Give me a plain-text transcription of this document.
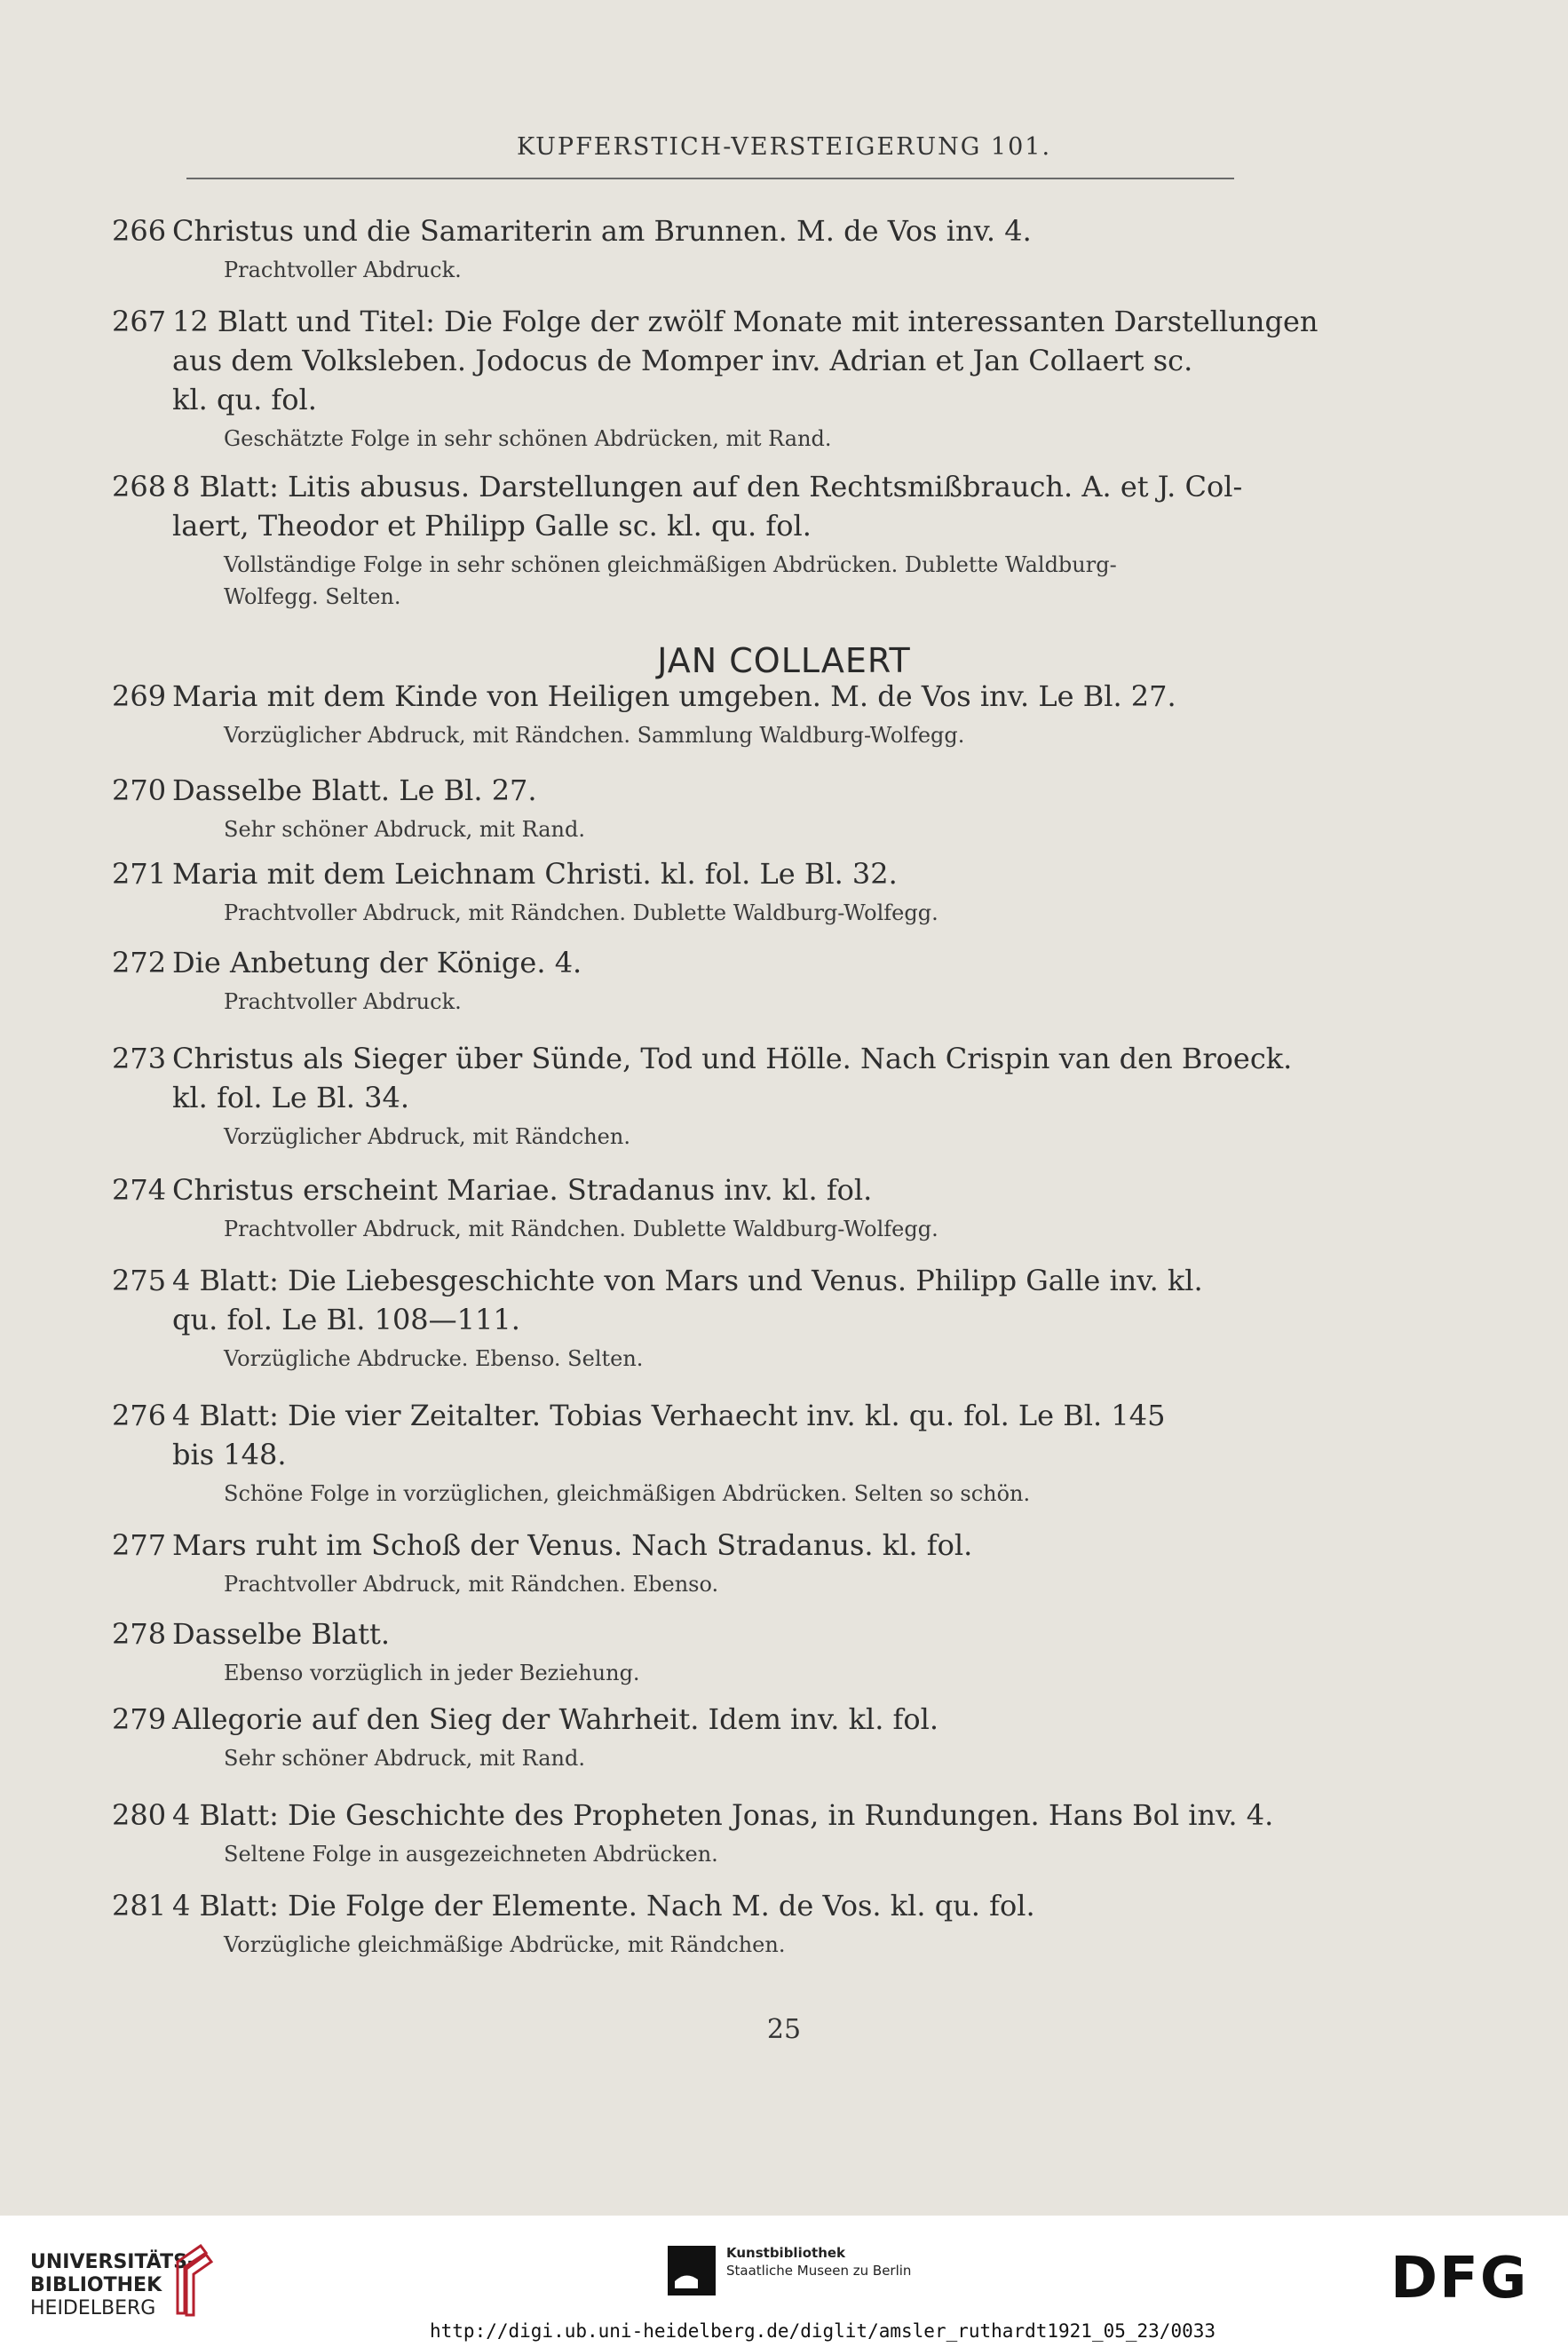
KUPFERSTICH-VERSTEIGERUNG 101.
266 Christus und die Samariterin am Brunnen. M. de Vos inv. 4.
Prachtvoller Abdruck.
267 12 Blatt und Titel: Die Folge der zwölf Monate mit interessanten Darstellungen
aus dem Volksleben. Jodocus de Momper inv. Adrian et Jan Collaert sc.
kl. qu. fol.
Geschätzte Folge in sehr schönen Abdrücken, mit Rand.
268 8 Blatt: Litis abusus. Darstellungen auf den Rechtsmißbrauch. A. et J. Col-
laert, Theodor et Philipp Galle sc. kl. qu. fol.
Vollständige Folge in sehr schönen gleichmäßigen Abdrücken. Dublette Waldburg-
Wolfegg. Selten.
269 Maria mit dem Kinde von Heiligen umgeben. M. de Vos inv. Le Bl. 27.
Vorzüglicher Abdruck, mit Rändchen. Sammlung Waldburg-Wolfegg.
270 Dasselbe Blatt. Le Bl. 27.
Sehr schöner Abdruck, mit Rand.
271 Maria mit dem Leichnam Christi. kl. fol. Le Bl. 32.
Prachtvoller Abdruck, mit Rändchen. Dublette Waldburg-Wolfegg.
272 Die Anbetung der Könige. 4.
Prachtvoller Abdruck.
273 Christus als Sieger über Sünde, Tod und Hölle. Nach Crispin van den Broeck.
kl. fol. Le Bl. 34.
Vorzüglicher Abdruck, mit Rändchen.
274 Christus erscheint Mariae. Stradanus inv. kl. fol.
Prachtvoller Abdruck, mit Rändchen. Dublette Waldburg-Wolfegg.
275 4 Blatt: Die Liebesgeschichte von Mars und Venus. Philipp Galle inv. kl.
qu. fol. Le Bl. 108—111.
Vorzügliche Abdrucke. Ebenso. Selten.
276 4 Blatt: Die vier Zeitalter. Tobias Verhaecht inv. kl. qu. fol. Le Bl. 145
bis 148.
Schöne Folge in vorzüglichen, gleichmäßigen Abdrücken. Selten so schön.
277 Mars ruht im Schoß der Venus. Nach Stradanus. kl. fol.
Prachtvoller Abdruck, mit Rändchen. Ebenso.
278 Dasselbe Blatt.
Ebenso vorzüglich in jeder Beziehung.
279 Allegorie auf den Sieg der Wahrheit. Idem inv. kl. fol.
Sehr schöner Abdruck, mit Rand.
280 4 Blatt: Die Geschichte des Propheten Jonas, in Rundungen. Hans Bol inv. 4.
Seltene Folge in ausgezeichneten Abdrücken.
281 4 Blatt: Die Folge der Elemente. Nach M. de Vos. kl. qu. fol.
Vorzügliche gleichmäßige Abdrücke, mit Rändchen.
JAN COLLAERT
25
UNIVERSITÄTS-
BIBLIOTHEK
HEIDELBERG
Kunstbibliothek
Staatliche Museen zu Berlin	DFG
http://digi.ub.uni-heidelberg.de/diglit/amsler_ruthardt1921_05_23/0033
